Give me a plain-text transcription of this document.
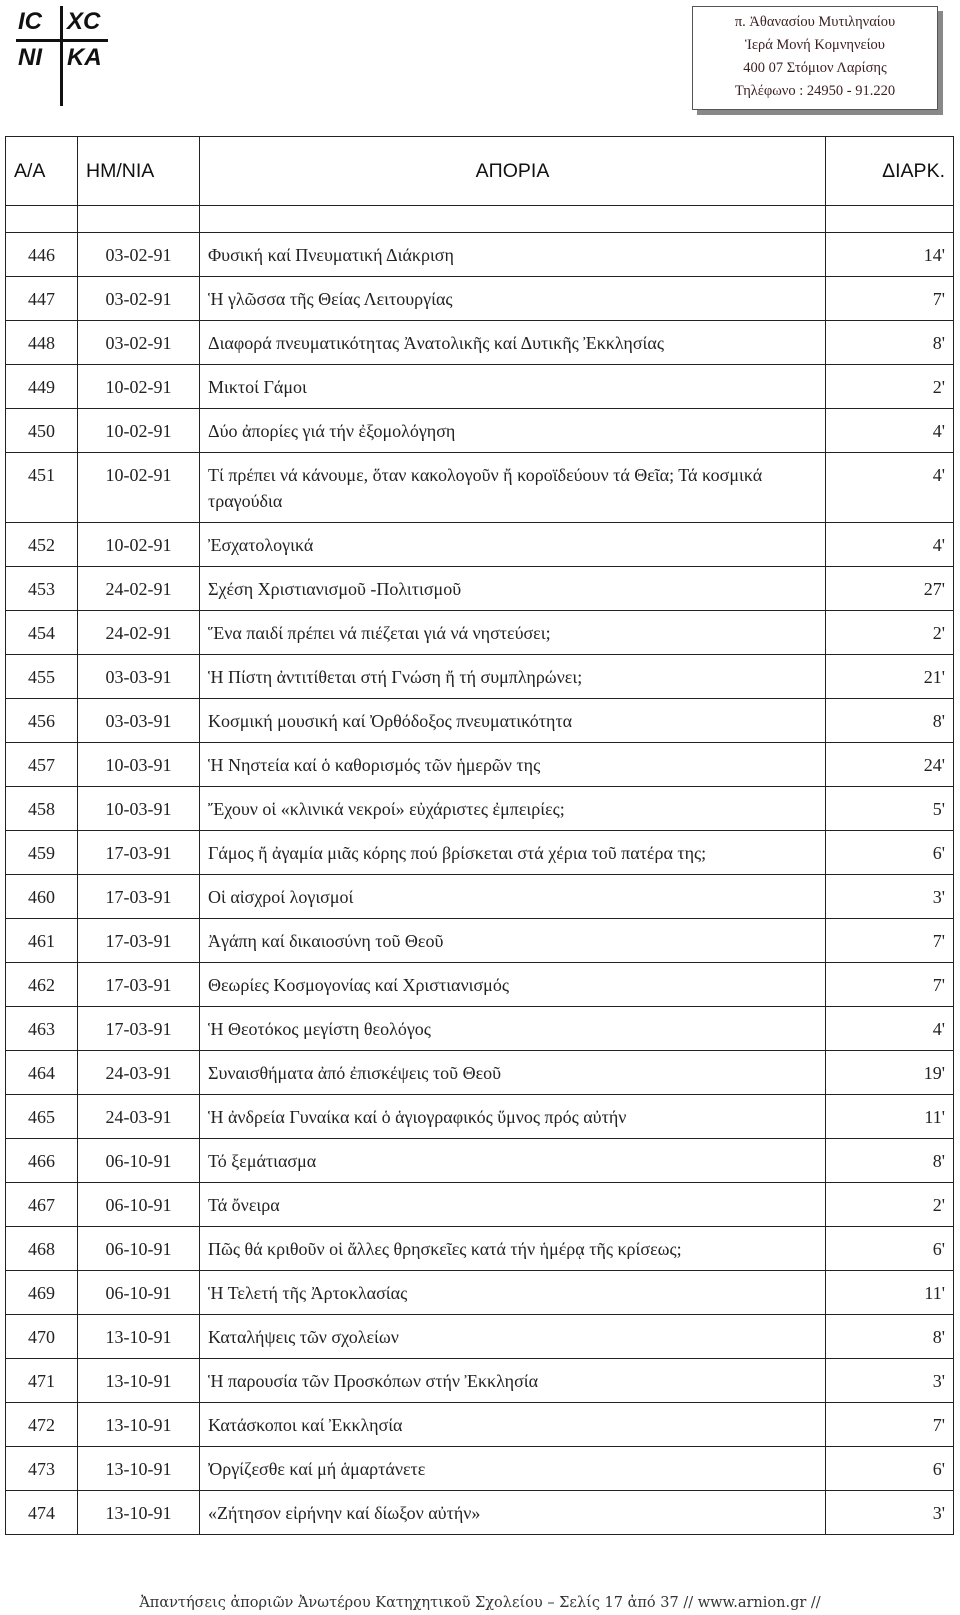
IC XC
NI KA
π. Ἀθανασίου Μυτιληναίου
Ἱερά Μονή Κομνηνείου
400 07 Στόμιον Λαρίσης
Τηλέφωνο : 24950 - 91.220
Α/Α	ΗΜ/ΝΙΑ	ΑΠΟΡΙΑ	ΔΙΑΡΚ.

446	03-02-91	Φυσική καί Πνευματική Διάκριση	14'
447	03-02-91	Ἡ γλῶσσα τῆς Θείας Λειτουργίας	7'
448	03-02-91	Διαφορά πνευματικότητας Ἀνατολικῆς καί Δυτικῆς Ἐκκλησίας	8'
449	10-02-91	Μικτοί Γάμοι	2'
450	10-02-91	Δύο ἀπορίες γιά τήν ἐξομολόγηση	4'
451	10-02-91	Τί πρέπει νά κάνουμε, ὅταν κακολογοῦν ἤ κοροϊδεύουν τά Θεῖα; Τά κοσμικά τραγούδια	4'
452	10-02-91	Ἐσχατολογικά	4'
453	24-02-91	Σχέση Χριστιανισμοῦ -Πολιτισμοῦ	27'
454	24-02-91	Ἕνα παιδί πρέπει νά πιέζεται γιά νά νηστεύσει;	2'
455	03-03-91	Ἡ Πίστη ἀντιτίθεται στή Γνώση ἤ τή συμπληρώνει;	21'
456	03-03-91	Κοσμική μουσική καί Ὀρθόδοξος πνευματικότητα	8'
457	10-03-91	Ἡ Νηστεία καί ὁ καθορισμός τῶν ἡμερῶν της	24'
458	10-03-91	Ἔχουν οἱ «κλινικά νεκροί» εὐχάριστες ἐμπειρίες;	5'
459	17-03-91	Γάμος ἤ ἀγαμία μιᾶς κόρης πού βρίσκεται στά χέρια τοῦ πατέρα της;	6'
460	17-03-91	Οἱ αἰσχροί λογισμοί	3'
461	17-03-91	Ἀγάπη καί δικαιοσύνη τοῦ Θεοῦ	7'
462	17-03-91	Θεωρίες Κοσμογονίας καί Χριστιανισμός	7'
463	17-03-91	Ἡ Θεοτόκος μεγίστη θεολόγος	4'
464	24-03-91	Συναισθήματα ἀπό ἐπισκέψεις τοῦ Θεοῦ	19'
465	24-03-91	Ἡ ἀνδρεία Γυναίκα καί ὁ ἁγιογραφικός ὕμνος πρός αὐτήν	11'
466	06-10-91	Τό ξεμάτιασμα	8'
467	06-10-91	Τά ὄνειρα	2'
468	06-10-91	Πῶς θά κριθοῦν οἱ ἄλλες θρησκεῖες κατά τήν ἡμέρᾳ τῆς κρίσεως;	6'
469	06-10-91	Ἡ Τελετή τῆς Ἀρτοκλασίας	11'
470	13-10-91	Καταλήψεις τῶν σχολείων	8'
471	13-10-91	Ἡ παρουσία τῶν Προσκόπων στήν Ἐκκλησία	3'
472	13-10-91	Κατάσκοποι καί Ἐκκλησία	7'
473	13-10-91	Ὀργίζεσθε καί μή ἁμαρτάνετε	6'
474	13-10-91	«Ζήτησον εἰρήνην καί δίωξον αὐτήν»	3'
Ἀπαντήσεις ἀποριῶν Ἀνωτέρου Κατηχητικοῦ Σχολείου – Σελίς 17 ἀπό 37 // www.arnion.gr //
